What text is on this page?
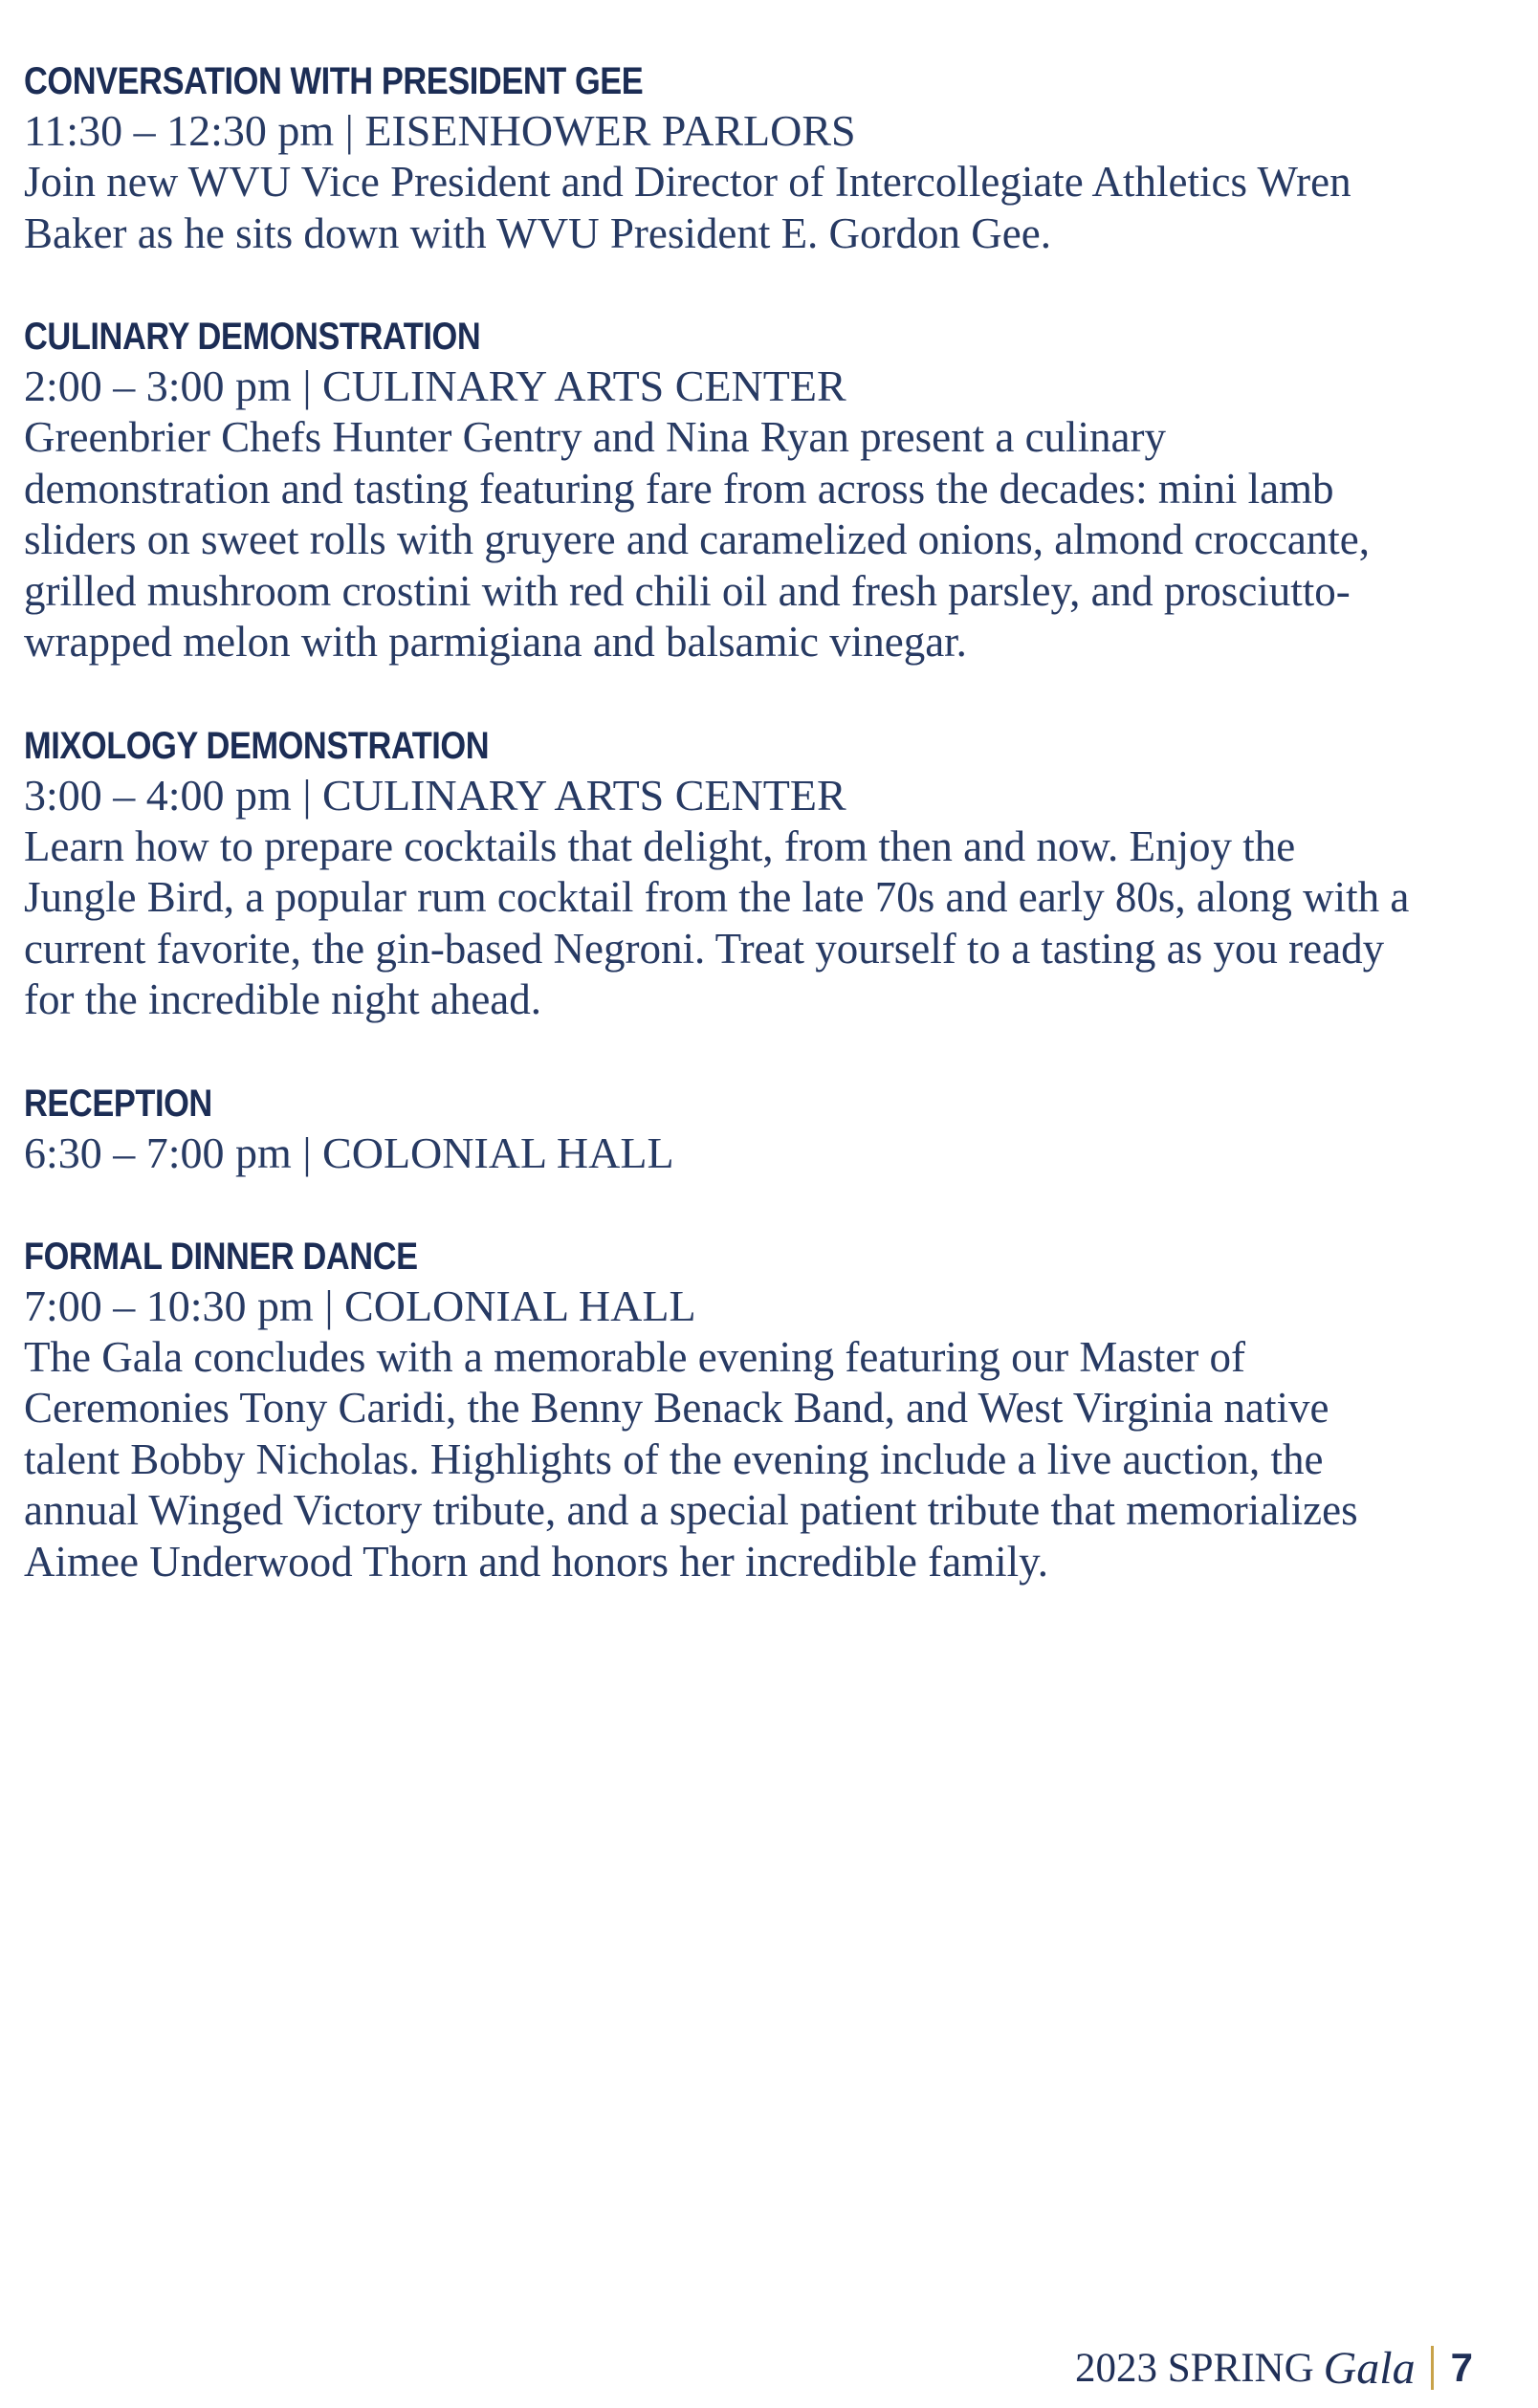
CONVERSATION WITH PRESIDENT GEE

11:30 – 12:30 pm | EISENHOWER PARLORS

Join new WVU Vice President and Director of Intercollegiate Athletics Wren Baker as he sits down with WVU President E. Gordon Gee.

CULINARY DEMONSTRATION

2:00 – 3:00 pm | CULINARY ARTS CENTER

Greenbrier Chefs Hunter Gentry and Nina Ryan present a culinary demonstration and tasting featuring fare from across the decades: mini lamb sliders on sweet rolls with gruyere and caramelized onions, almond croccante, grilled mushroom crostini with red chili oil and fresh parsley, and prosciutto-wrapped melon with parmigiana and balsamic vinegar.

MIXOLOGY DEMONSTRATION

3:00 – 4:00 pm | CULINARY ARTS CENTER

Learn how to prepare cocktails that delight, from then and now. Enjoy the Jungle Bird, a popular rum cocktail from the late 70s and early 80s, along with a current favorite, the gin-based Negroni. Treat yourself to a tasting as you ready for the incredible night ahead.

RECEPTION

6:30 – 7:00 pm | COLONIAL HALL

FORMAL DINNER DANCE

7:00 – 10:30 pm | COLONIAL HALL

The Gala concludes with a memorable evening featuring our Master of Ceremonies Tony Caridi, the Benny Benack Band, and West Virginia native talent Bobby Nicholas. Highlights of the evening include a live auction, the annual Winged Victory tribute, and a special patient tribute that memorializes Aimee Underwood Thorn and honors her incredible family.

2023 SPRING Gala 7
